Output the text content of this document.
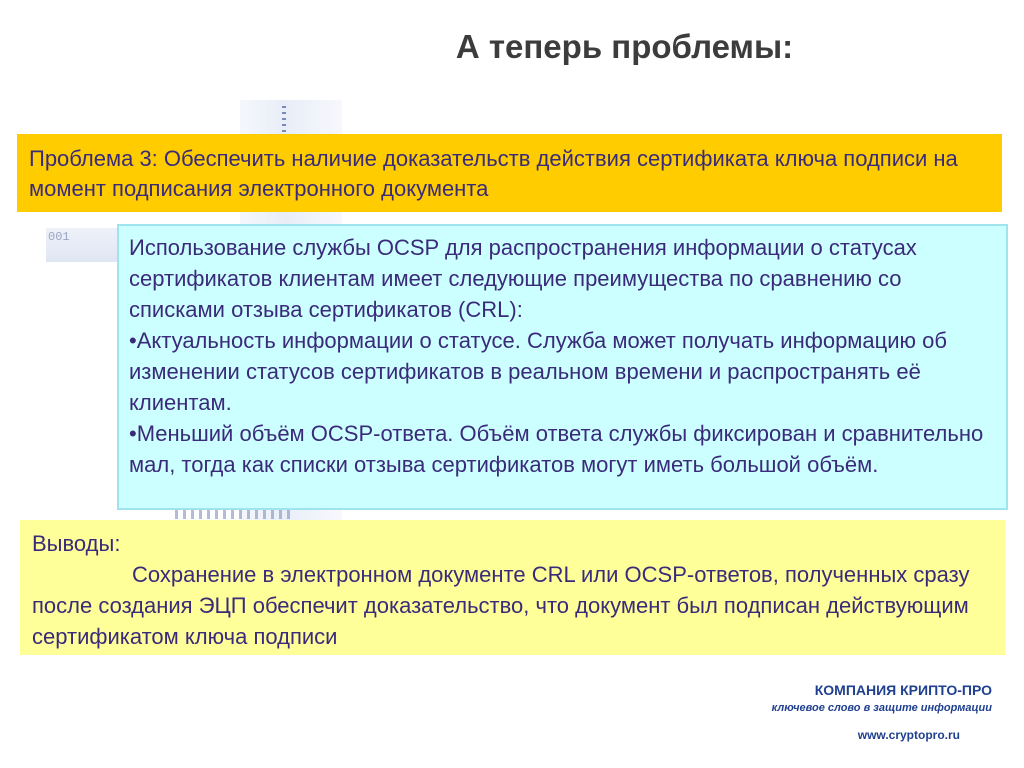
А теперь проблемы:
001
Проблема 3: Обеспечить наличие доказательств действия сертификата ключа подписи на момент подписания электронного документа

Использование службы OCSP для распространения информации о статусах сертификатов клиентам имеет следующие преимущества по сравнению со списками отзыва сертификатов (CRL):

•Актуальность информации о статусе. Служба может получать информацию об изменении статусов сертификатов в реальном времени и распространять её клиентам.

•Меньший объём OCSP-ответа. Объём ответа службы фиксирован и сравнительно мал, тогда как списки отзыва сертификатов могут иметь большой объём.

Выводы:

Сохранение в электронном документе CRL или OCSP-ответов, полученных сразу после создания ЭЦП обеспечит доказательство, что документ был подписан действующим сертификатом ключа подписи

КОМПАНИЯ КРИПТО-ПРО
ключевое слово в защите информации
www.cryptopro.ru
